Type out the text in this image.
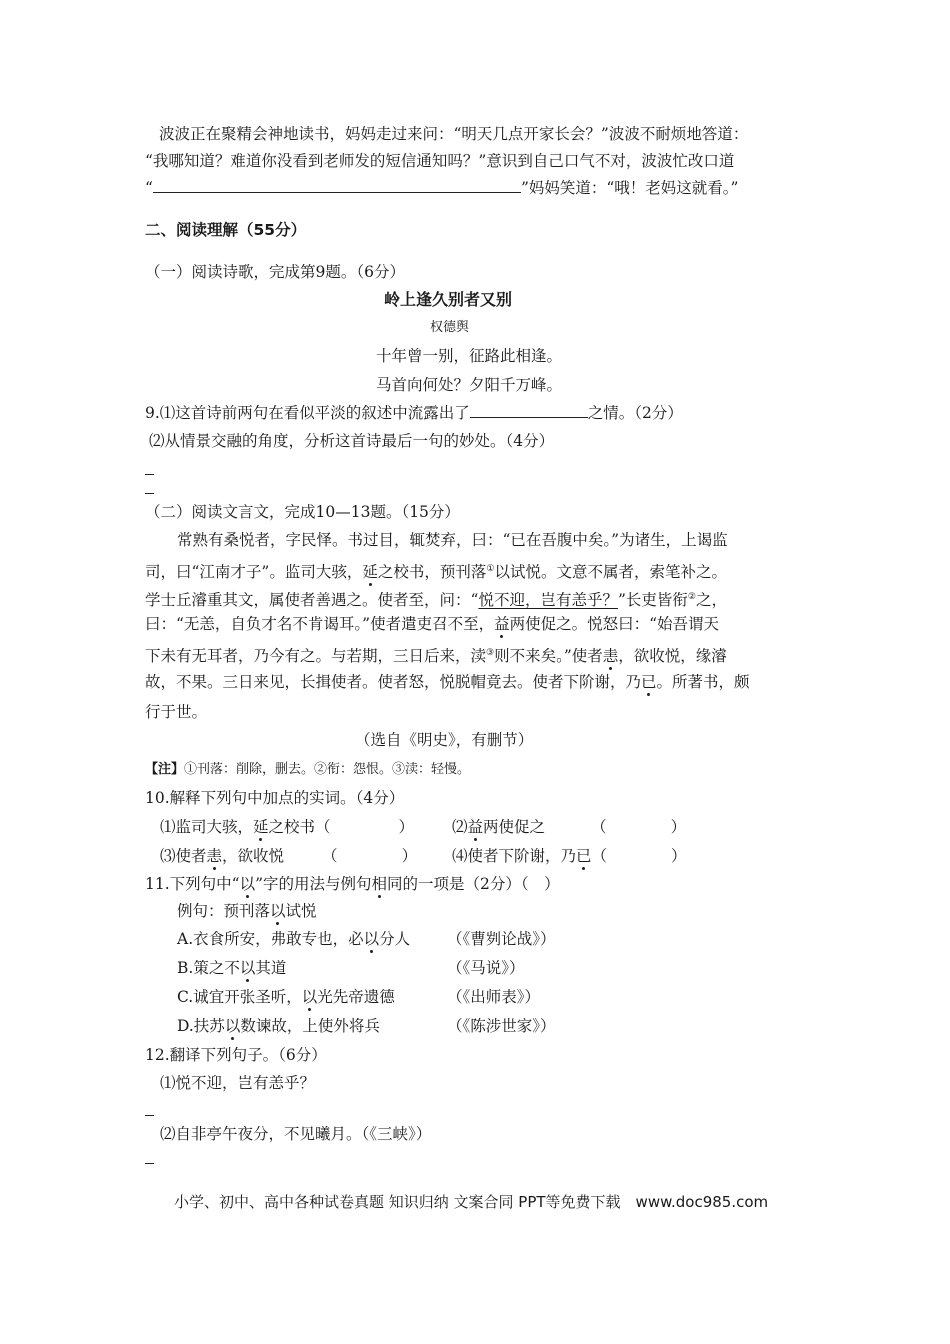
波波正在聚精会神地读书，妈妈走过来问：“明天几点开家长会？”波波不耐烦地答道：
“我哪知道？难道你没看到老师发的短信通知吗？”意识到自己口气不对，波波忙改口道
“	”妈妈笑道：“哦！老妈这就看。”
二、阅读理解（55分）
（一）阅读诗歌，完成第9题。（6分）
岭上逢久别者又别
权德舆
十年曾一别，征路此相逢。
马首向何处？夕阳千万峰。
9.⑴这首诗前两句在看似平淡的叙述中流露出了	之情。（2分）
⑵从情景交融的角度，分析这首诗最后一句的妙处。（4分）
（二）阅读文言文，完成10—13题。（15分）
常熟有桑悦者，字民怿。书过目，辄焚弃，曰：“已在吾腹中矣。”为诸生，上谒监
司，曰“江南才子”。监司大骇，延之校书，预刊落①以试悦。文意不属者，索笔补之。
学士丘濬重其文，属使者善遇之。使者至，问：“悦不迎，岂有恙乎？”长吏皆衔②之，
曰：“无恙，自负才名不肯谒耳。”使者遣吏召不至，益两使促之。悦怒曰：“始吾谓天
下未有无耳者，乃今有之。与若期，三日后来，渎③则不来矣。”使者恚，欲收悦，缘濬
故，不果。三日来见，长揖使者。使者怒，悦脱帽竟去。使者下阶谢，乃已。所著书，颇
行于世。
（选自《明史》，有删节）
【注】①刊落：削除，删去。②衔：怨恨。③渎：轻慢。
10.解释下列句中加点的实词。（4分）
⑴监司大骇，延之校书（	） ⑵益两使促之	（	）
⑶使者恚，欲收悦 （	） ⑷使者下阶谢，乃已（	）
11.下列句中“以”字的用法与例句相同的一项是（2分）（　）
例句：预刊落以试悦
A.衣食所安，弗敢专也，必以分人 （《曹刿论战》）
B.策之不以其道	（《马说》）
C.诚宜开张圣听，以光先帝遗德	（《出师表》）
D.扶苏以数谏故，上使外将兵	（《陈涉世家》）
12.翻译下列句子。（6分）
⑴悦不迎，岂有恙乎？
⑵自非亭午夜分，不见曦月。（《三峡》）
小学、初中、高中各种试卷真题 知识归纳 文案合同 PPT等免费下载　www.doc985.com
